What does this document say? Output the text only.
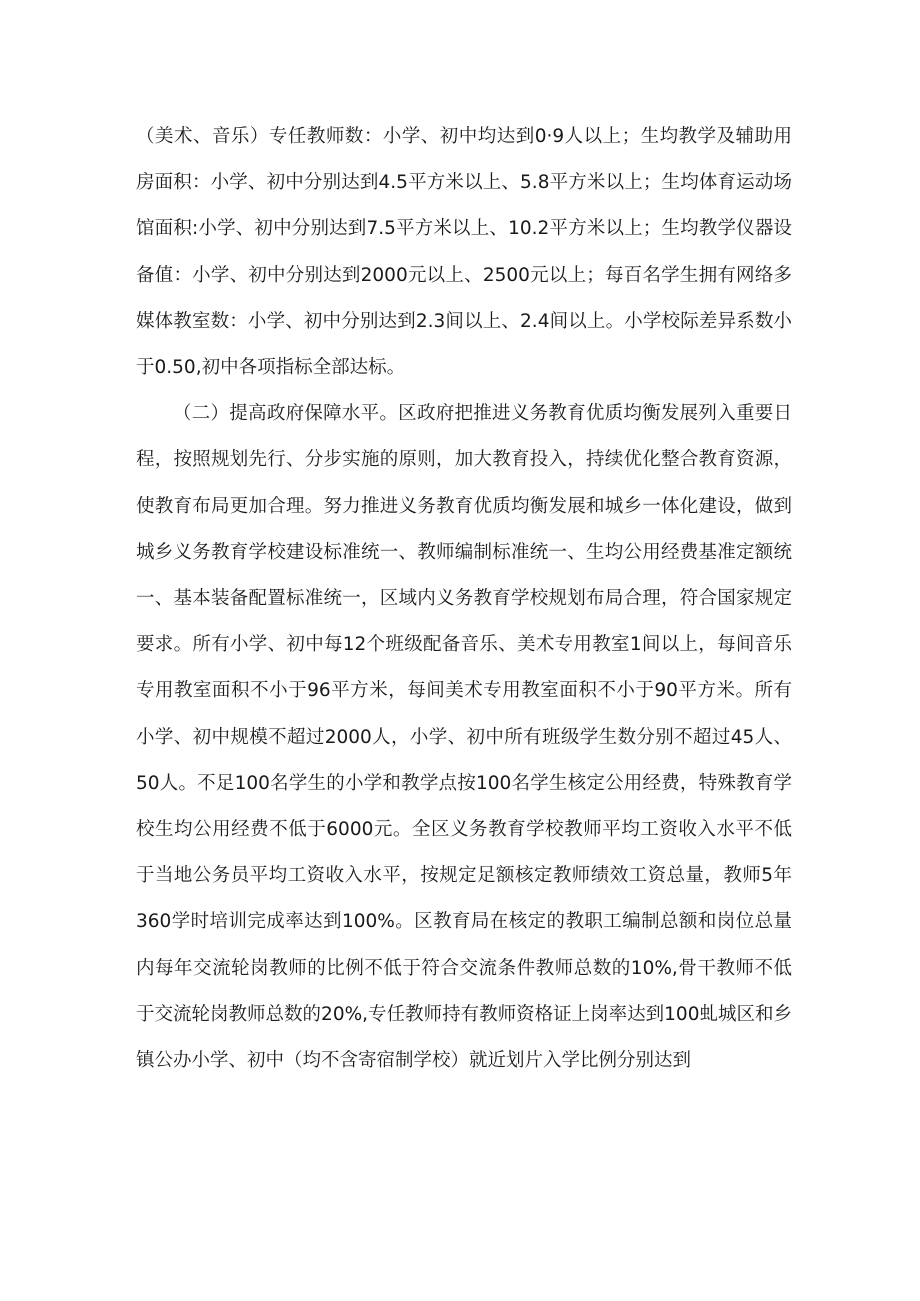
（美术、音乐）专任教师数：小学、初中均达到0·9人以上；生均教学及辅助用房面积：小学、初中分别达到4.5平方米以上、5.8平方米以上；生均体育运动场馆面积:小学、初中分别达到7.5平方米以上、10.2平方米以上；生均教学仪器设备值：小学、初中分别达到2000元以上、2500元以上；每百名学生拥有网络多媒体教室数：小学、初中分别达到2.3间以上、2.4间以上。小学校际差异系数小于0.50,初中各项指标全部达标。

（二）提高政府保障水平。区政府把推进义务教育优质均衡发展列入重要日程，按照规划先行、分步实施的原则，加大教育投入，持续优化整合教育资源，使教育布局更加合理。努力推进义务教育优质均衡发展和城乡一体化建设，做到城乡义务教育学校建设标准统一、教师编制标准统一、生均公用经费基准定额统一、基本装备配置标准统一，区域内义务教育学校规划布局合理，符合国家规定要求。所有小学、初中每12个班级配备音乐、美术专用教室1间以上，每间音乐专用教室面积不小于96平方米，每间美术专用教室面积不小于90平方米。所有小学、初中规模不超过2000人，小学、初中所有班级学生数分别不超过45人、50人。不足100名学生的小学和教学点按100名学生核定公用经费，特殊教育学校生均公用经费不低于6000元。全区义务教育学校教师平均工资收入水平不低于当地公务员平均工资收入水平，按规定足额核定教师绩效工资总量，教师5年360学时培训完成率达到100%。区教育局在核定的教职工编制总额和岗位总量内每年交流轮岗教师的比例不低于符合交流条件教师总数的10%,骨干教师不低于交流轮岗教师总数的20%,专任教师持有教师资格证上岗率达到100虬城区和乡镇公办小学、初中（均不含寄宿制学校）就近划片入学比例分别达到
